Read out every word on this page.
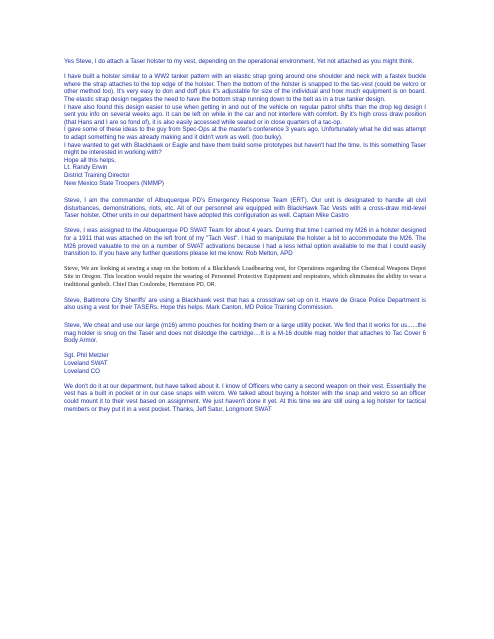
Yes Steve, I do attach a Taser holster to my vest, depending on the operational environment. Yet not attached as you might think.

I have built a holster similar to a WW2 tanker pattern with an elastic strap going around one shoulder and neck with a fastex buckle where the strap attaches to the top edge of the holster. Then the bottom of the holster is snapped to the tac-vest (could be velcro or other method too). It's very easy to don and doff plus it's adjustable for size of the individual and how much equipment is on board. The elastic strap design negates the need to have the bottom strap running down to the belt as in a true tanker design.

I have also found this design easier to use when getting in and out of the vehicle on regular patrol shifts than the drop leg design I sent you info on several weeks ago. It can be left on while in the car and not interfere with comfort. By it's high cross draw position (that Hans and I are so fond of), it is also easily accessed while seated or in close quarters of a tac-op.

I gave some of these ideas to the guy from Spec-Ops at the master's conference 3 years ago. Unfortunately what he did was attempt to adapt something he was already making and it didn't work as well. (too bulky).

I have wanted to get with Blackhawk or Eagle and have them build some prototypes but haven't had the time. Is this something Taser might be interested in working with?

Hope all this helps,

Lt. Randy Erwin

District Training Director

New Mexico State Troopers (NMMP)

Steve, I am the commander of Albuquerque PD's Emergency Response Team (ERT). Our unit is designated to handle all civil disturbances, demonstrations, riots, etc. All of our personnel are equipped with BlackHawk Tac Vests with a cross-draw mid-level Taser holster. Other units in our department have adopted this configuration as well. Captain Mike Castro

Steve, I was assigned to the Albuquerque PD SWAT Team for about 4 years. During that time I carried my M26 in a holster designed for a 1911 that was attached on the left front of my "Tach Vest". I had to manipulate the holster a bit to accommodate the M26. The M26 proved valuable to me on a number of SWAT activations because I had a less lethal option available to me that I could easily transition to. If you have any further questions please let me know. Rob Melton, APD

Steve, We are looking at sewing a snap on the bottom of a Blackhawk Loadbearing vest, for Operations regarding the Chemical Weapons Depot Site in Oregon. This location would require the wearing of Personnel Protective Equipment and respirators, which eliminates the ability to wear a traditional gunbelt. Chief Dan Coulombe, Hermiston PD, OR.

Steve, Baltimore City Sheriffs' are using a Blackhawk vest that has a crossdraw set up on it. Havre de Grace Police Department is also using a vest for their TASERs. Hope this helps. Mark Canton, MD Police Training Commission.

Steve, We cheat and use our large (m16) ammo pouches for holding them or a large utility pocket. We find that it works for us......the mag holder is snug on the Taser and does not dislodge the cartridge....It is a M-16 double mag holder that attaches to Tac Cover 6 Body Armor.

Sgt. Phil Metzler

Loveland SWAT

Loveland CO

We don't do it at our department, but have talked about it. I know of Officers who carry a second weapon on their vest. Essentially the vest has a built in pocket or in our case snaps with velcro. We talked about buying a holster with the snap and velcro so an officer could mount it to their vest based on assignment. We just haven't done it yet. At this time we are still using a leg holster for tactical members or they put it in a vest pocket. Thanks, Jeff Satur, Longmont SWAT
